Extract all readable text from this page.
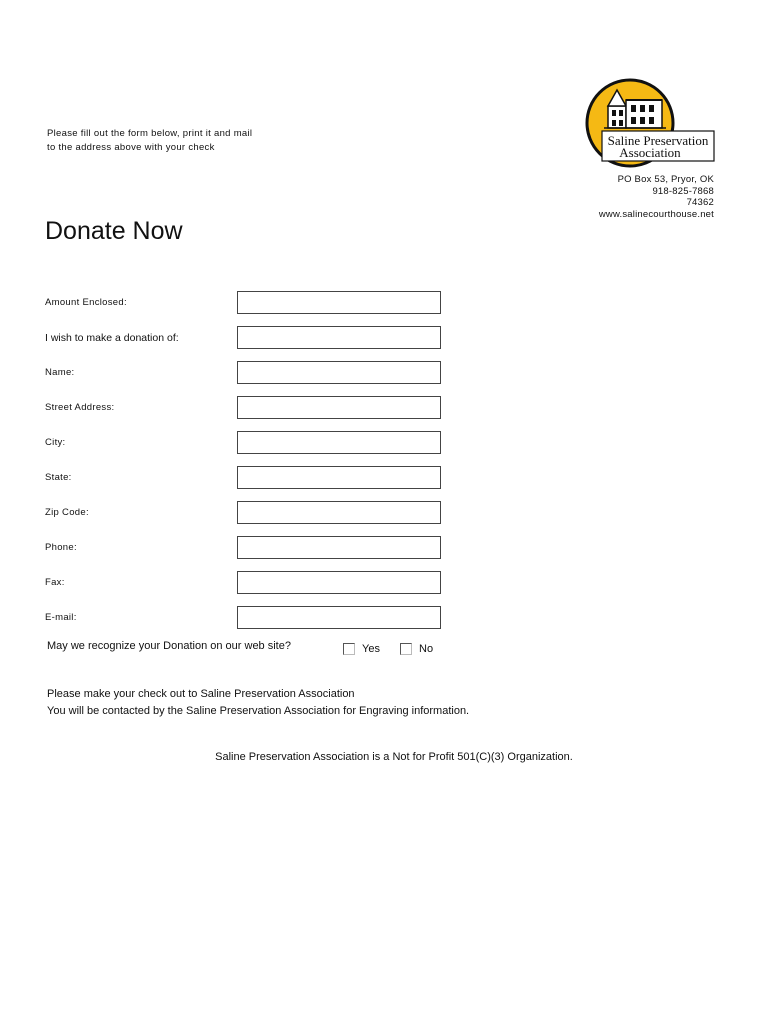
Please fill out the form below, print it and mail
to the address above with your check	Saline Preservation
Association
PO Box 53, Pryor, OK
918-825-7868
74362
www.salinecourthouse.net
Donate Now
Amount Enclosed:
I wish to make a donation of:
Name:
Street Address:
City:
State:
Zip Code:
Phone:
Fax:
E-mail:
May we recognize your Donation on our web site?	Yes	No
Please make your check out to Saline Preservation Association
You will be contacted by the Saline Preservation Association for Engraving information.
Saline Preservation Association is a Not for Profit 501(C)(3) Organization.
